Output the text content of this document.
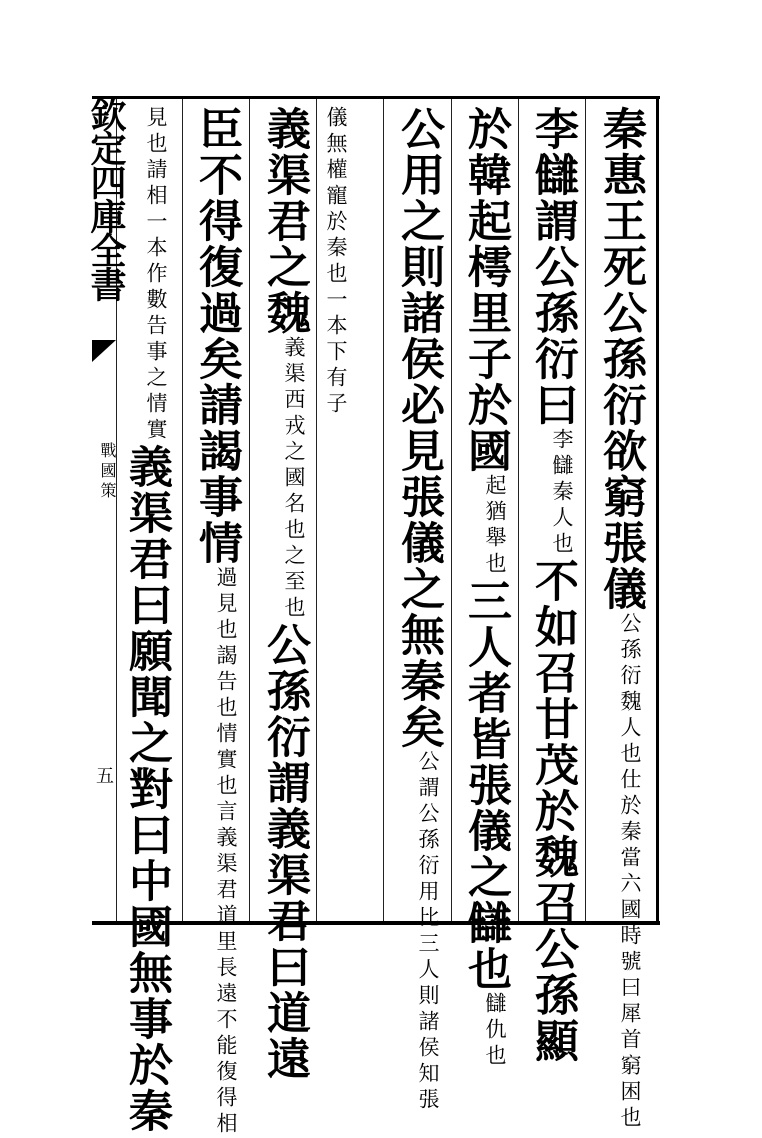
欽定四庫全書
戰國策
五
秦惠王死公孫衍欲窮張儀公孫衍魏人也仕於秦當六國時號曰犀首窮困也
李讎謂公孫衍曰李讎秦人也不如召甘茂於魏召公孫顯
於韓起樗里子於國起猶舉也三人者皆張儀之讎也讎仇也
公用之則諸侯必見張儀之無秦矣公謂公孫衍用比三人則諸侯知張
儀無權寵於秦也一本下有子
義渠君之魏義渠西戎之國名也之至也公孫衍謂義渠君曰道遠
臣不得復過矣請謁事情過見也謁告也情實也言義渠君道里長遠不能復得相
見也請相一本作數告事之情實義渠君曰願聞之對曰中國無事於秦
